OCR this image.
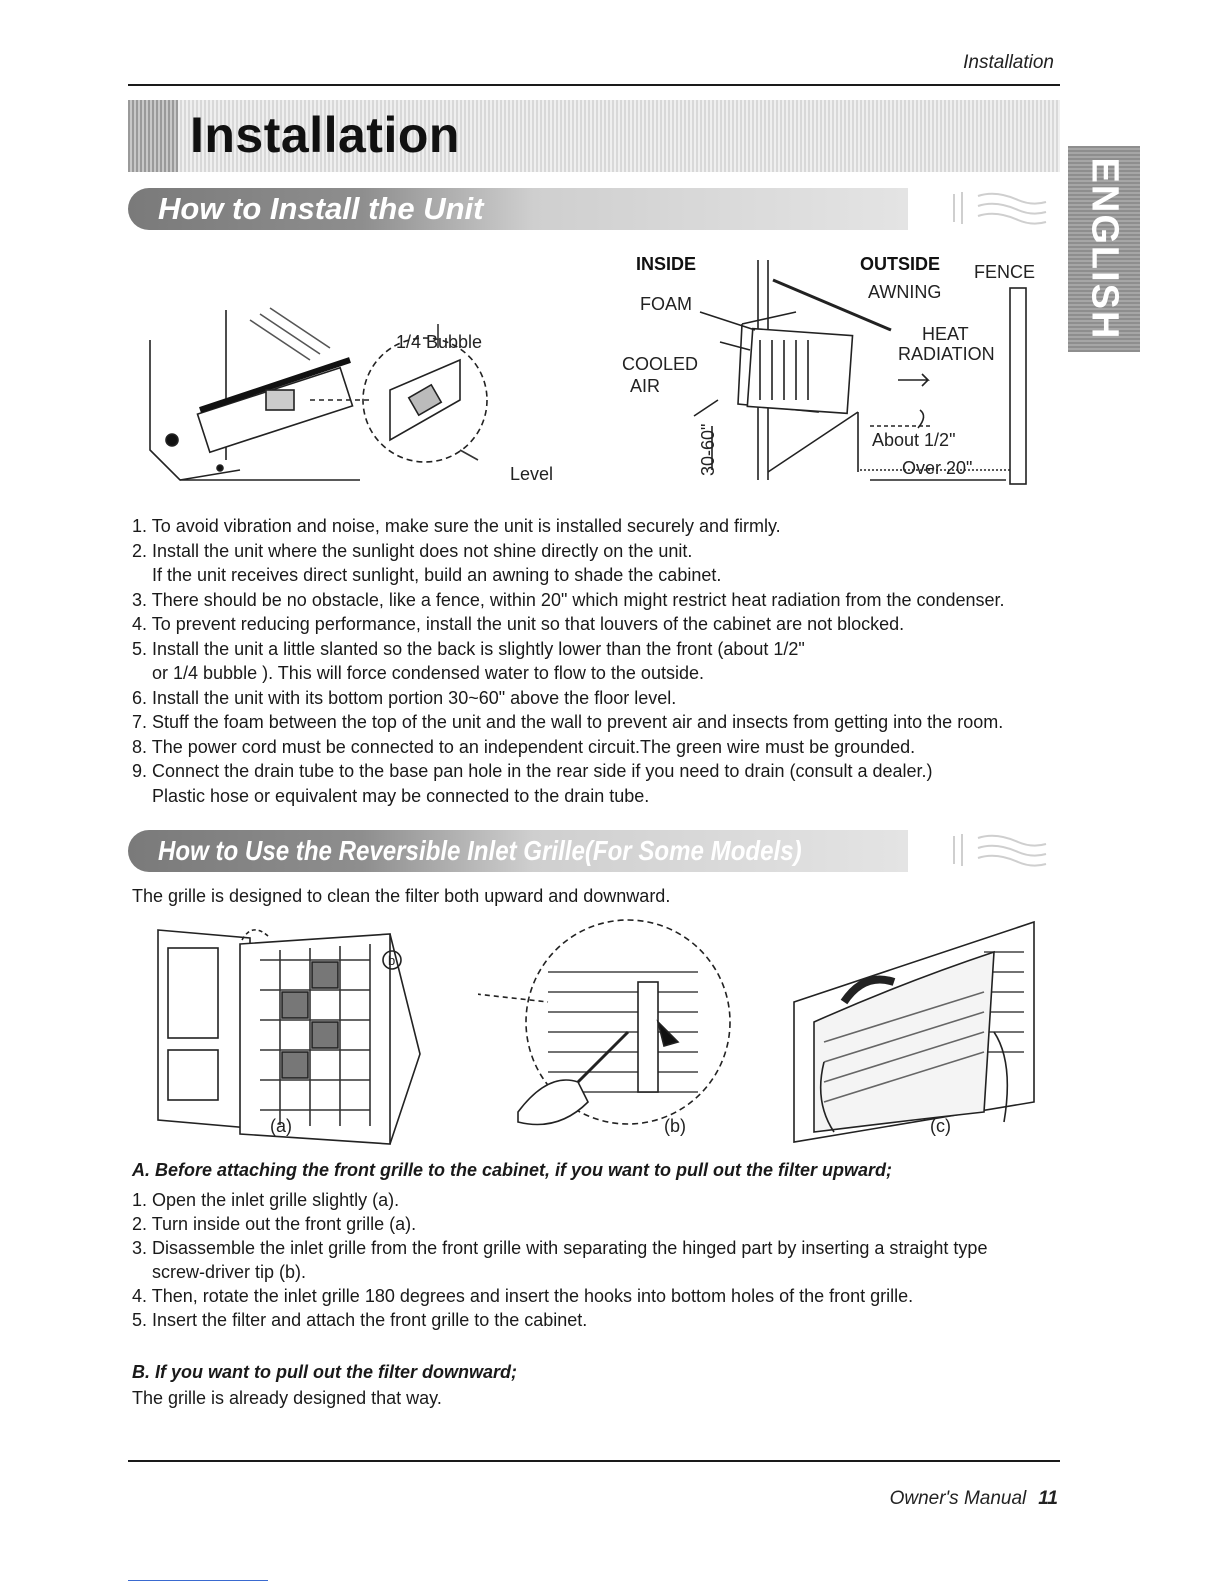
Installation
Installation
ENGLISH
How to Install the Unit
1/4 Bubble
Level
INSIDE	OUTSIDE FENCE
AWNING
FOAM
COOLED
AIR
HEAT
RADIATION
30-60"	About 1/2"
Over 20"
1. To avoid vibration and noise, make sure the unit is installed securely and firmly.
2. Install the unit where the sunlight does not shine directly on the unit.
If the unit receives direct sunlight, build an awning to shade the cabinet.
3. There should be no obstacle, like a fence, within 20" which might restrict heat radiation from the condenser.
4. To prevent reducing performance, install the unit so that louvers of the cabinet are not blocked.
5. Install the unit a little slanted so the back is slightly lower than the front (about 1/2"
or 1/4 bubble ). This will force condensed water to flow to the outside.
6. Install the unit with its bottom portion 30~60" above the floor level.
7. Stuff the foam between the top of the unit and the wall to prevent air and insects from getting into the room.
8. The power cord must be connected to an independent circuit.The green wire must be grounded.
9. Connect the drain tube to the base pan hole in the rear side if you need to drain (consult a dealer.)
Plastic hose or equivalent may be connected to the drain tube.
How to Use the Reversible Inlet Grille(For Some Models)
The grille is designed to clean the filter both upward and downward.
b
(a)	(b)	(c)
A. Before attaching the front grille to the cabinet, if you want to pull out the filter upward;
1. Open the inlet grille slightly (a).
2. Turn inside out the front grille (a).
3. Disassemble the inlet grille from the front grille with separating the hinged part by inserting a straight type
screw-driver tip (b).
4. Then, rotate the inlet grille 180 degrees and insert the hooks into bottom holes of the front grille.
5. Insert the filter and attach the front grille to the cabinet.
B. If you want to pull out the filter downward;
The grille is already designed that way.
Owner's Manual 11
